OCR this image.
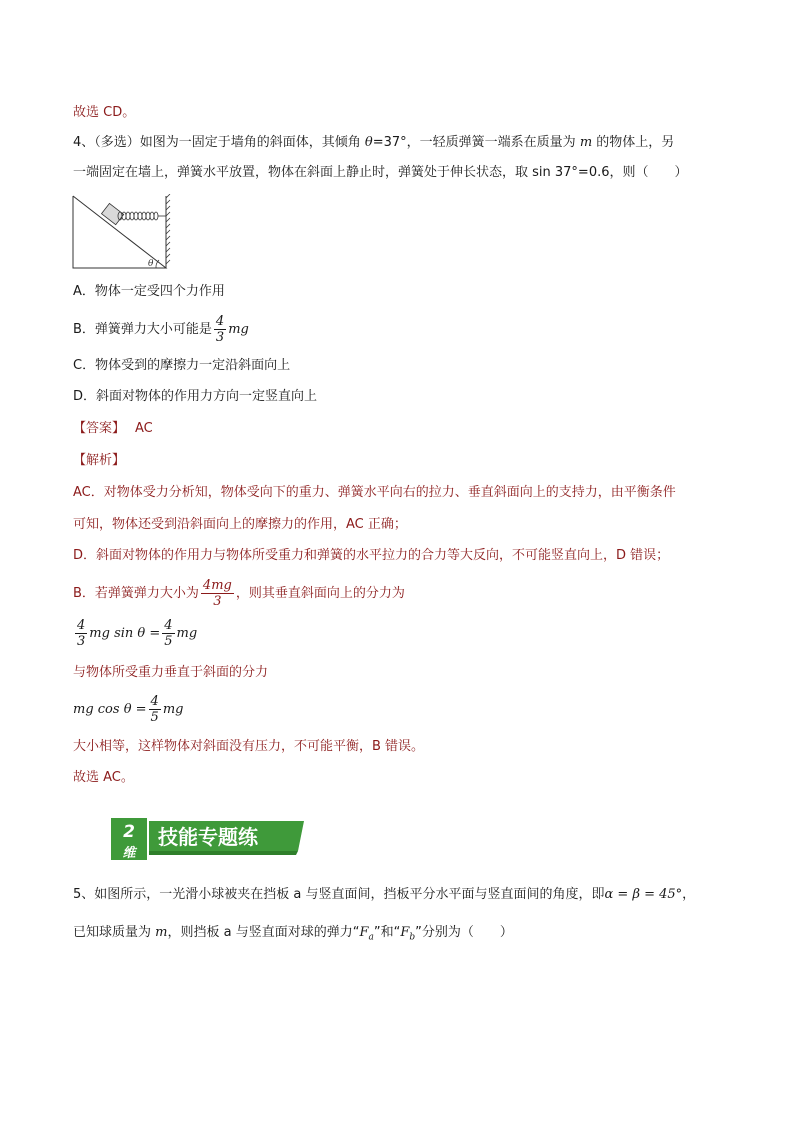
故选 CD。
4、（多选）如图为一固定于墙角的斜面体，其倾角 θ=37°，一轻质弹簧一端系在质量为 m 的物体上，另
一端固定在墙上，弹簧水平放置，物体在斜面上静止时，弹簧处于伸长状态，取 sin 37°=0.6，则（　　）
θ
A．物体一定受四个力作用
B．弹簧弹力大小可能是 $\frac{4}{3}$ mg
C．物体受到的摩擦力一定沿斜面向上
D．斜面对物体的作用力方向一定竖直向上
【答案】 AC
【解析】
AC．对物体受力分析知，物体受向下的重力、弹簧水平向右的拉力、垂直斜面向上的支持力，由平衡条件
可知，物体还受到沿斜面向上的摩擦力的作用，AC 正确；
D．斜面对物体的作用力与物体所受重力和弹簧的水平拉力的合力等大反向，不可能竖直向上，D 错误；
B．若弹簧弹力大小为 $\frac{4mg}{3}$ ，则其垂直斜面向上的分力为
$\frac{4}{3}$ mg $\sin \theta = \frac{4}{5}$ mg
与物体所受重力垂直于斜面的分力
mg $\cos \theta = \frac{4}{5}$ mg
大小相等，这样物体对斜面没有压力，不可能平衡，B 错误。
故选 AC。
2
维
技能专题练
5、如图所示，一光滑小球被夹在挡板 a 与竖直面间，挡板平分水平面与竖直面间的角度，即α = β = 45°，
已知球质量为 m，则挡板 a 与竖直面对球的弹力“$F_a$”和“$F_b$”分别为（　　）
